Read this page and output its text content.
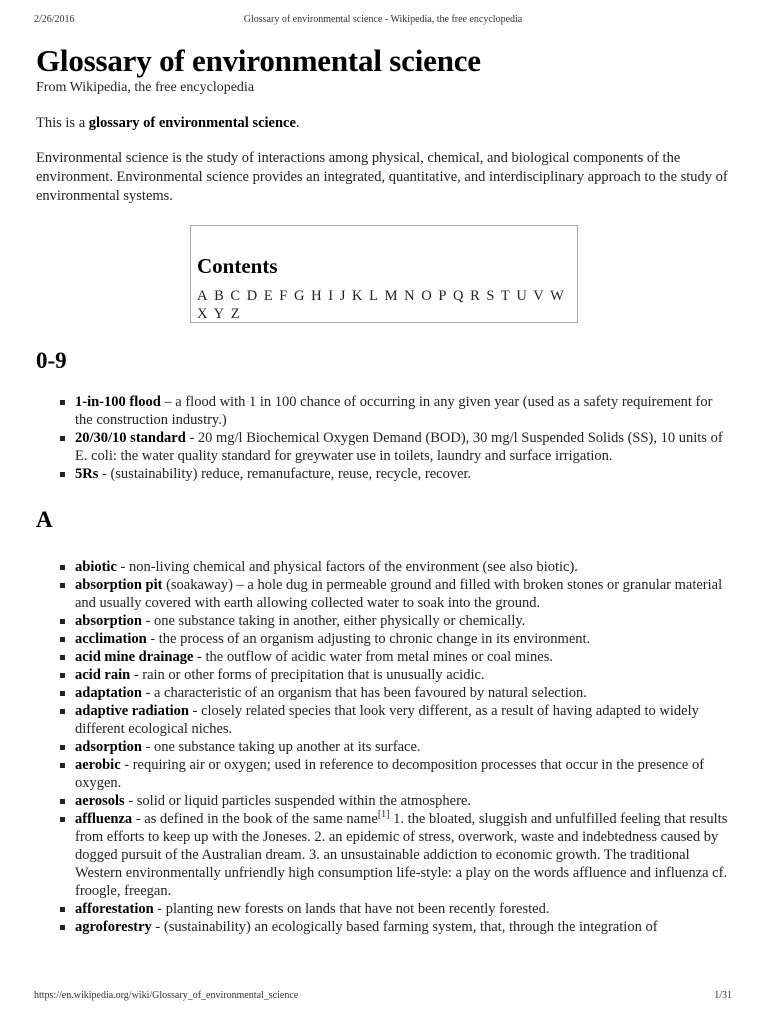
2/26/2016	Glossary of environmental science - Wikipedia, the free encyclopedia
Glossary of environmental science
From Wikipedia, the free encyclopedia

This is a glossary of environmental science.

Environmental science is the study of interactions among physical, chemical, and biological components of the environment. Environmental science provides an integrated, quantitative, and interdisciplinary approach to the study of environmental systems.

Contents
A B C D E F G H I J K L M N O P Q R S T U V W X Y Z
0-9
1-in-100 flood – a flood with 1 in 100 chance of occurring in any given year (used as a safety requirement for the construction industry.)
20/30/10 standard - 20 mg/l Biochemical Oxygen Demand (BOD), 30 mg/l Suspended Solids (SS), 10 units of E. coli: the water quality standard for greywater use in toilets, laundry and surface irrigation.
5Rs - (sustainability) reduce, remanufacture, reuse, recycle, recover.
A
abiotic - non-living chemical and physical factors of the environment (see also biotic).
absorption pit (soakaway) – a hole dug in permeable ground and filled with broken stones or granular material and usually covered with earth allowing collected water to soak into the ground.
absorption - one substance taking in another, either physically or chemically.
acclimation - the process of an organism adjusting to chronic change in its environment.
acid mine drainage - the outflow of acidic water from metal mines or coal mines.
acid rain - rain or other forms of precipitation that is unusually acidic.
adaptation - a characteristic of an organism that has been favoured by natural selection.
adaptive radiation - closely related species that look very different, as a result of having adapted to widely different ecological niches.
adsorption - one substance taking up another at its surface.
aerobic - requiring air or oxygen; used in reference to decomposition processes that occur in the presence of oxygen.
aerosols - solid or liquid particles suspended within the atmosphere.
affluenza - as defined in the book of the same name[1] 1. the bloated, sluggish and unfulfilled feeling that results from efforts to keep up with the Joneses. 2. an epidemic of stress, overwork, waste and indebtedness caused by dogged pursuit of the Australian dream. 3. an unsustainable addiction to economic growth. The traditional Western environmentally unfriendly high consumption life-style: a play on the words affluence and influenza cf. froogle, freegan.
afforestation - planting new forests on lands that have not been recently forested.
agroforestry - (sustainability) an ecologically based farming system, that, through the integration of
https://en.wikipedia.org/wiki/Glossary_of_environmental_science	1/31
